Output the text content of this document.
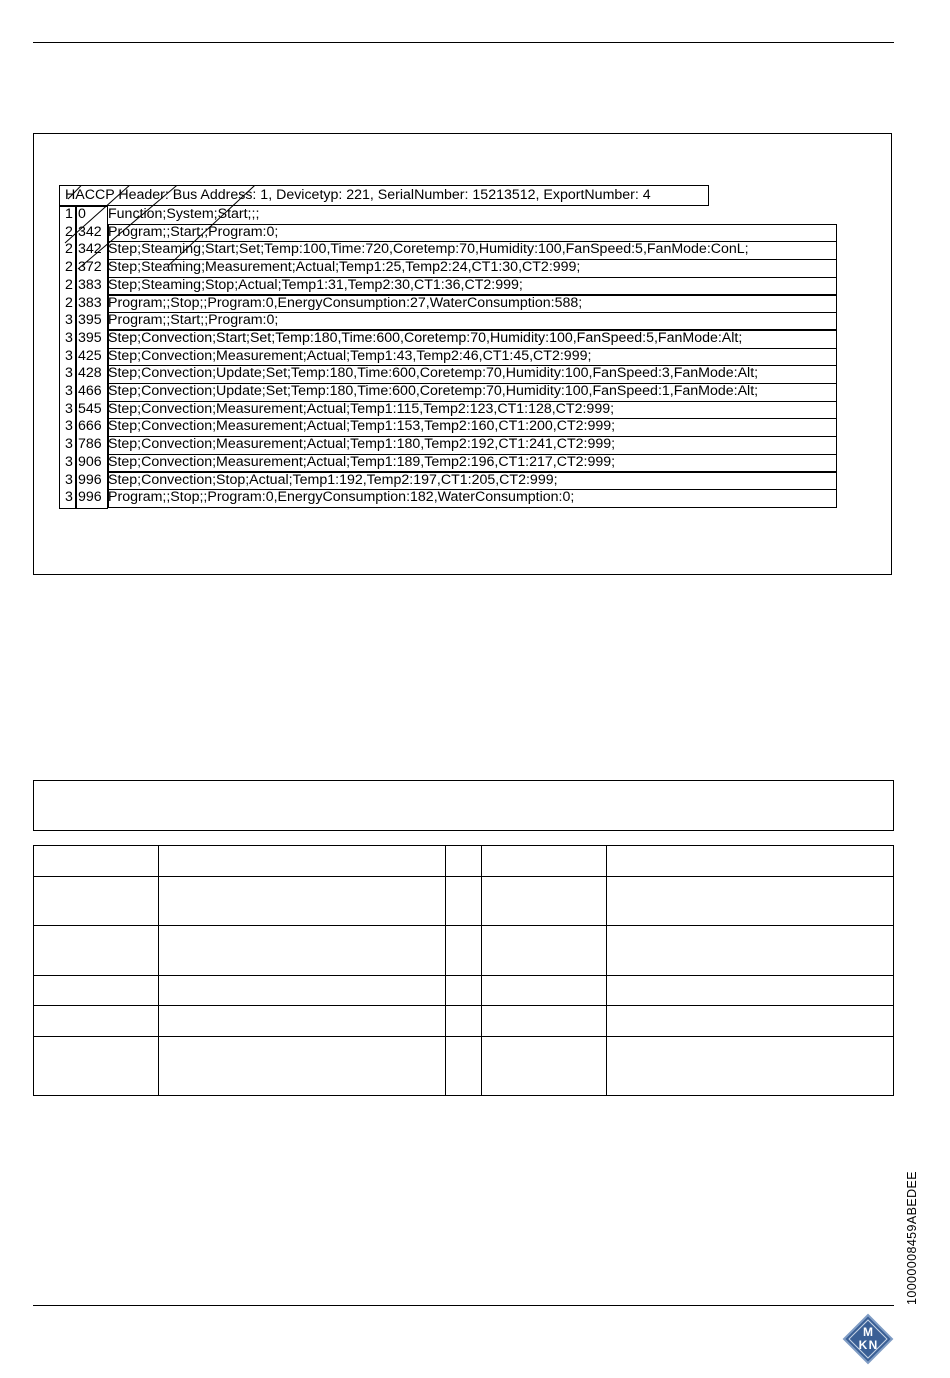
HACCP Header: Bus Address: 1, Devicetyp: 221, SerialNumber: 15213512, ExportNumber: 4
1 0 Function;System;Start;;;
2 342 Program;;Start;;Program:0;
2 342 Step;Steaming;Start;Set;Temp:100,Time:720,Coretemp:70,Humidity:100,FanSpeed:5,FanMode:ConL;
2 372 Step;Steaming;Measurement;Actual;Temp1:25,Temp2:24,CT1:30,CT2:999;
2 383 Step;Steaming;Stop;Actual;Temp1:31,Temp2:30,CT1:36,CT2:999;
2 383 Program;;Stop;;Program:0,EnergyConsumption:27,WaterConsumption:588;
3 395 Program;;Start;;Program:0;
3 395 Step;Convection;Start;Set;Temp:180,Time:600,Coretemp:70,Humidity:100,FanSpeed:5,FanMode:Alt;
3 425 Step;Convection;Measurement;Actual;Temp1:43,Temp2:46,CT1:45,CT2:999;
3 428 Step;Convection;Update;Set;Temp:180,Time:600,Coretemp:70,Humidity:100,FanSpeed:3,FanMode:Alt;
3 466 Step;Convection;Update;Set;Temp:180,Time:600,Coretemp:70,Humidity:100,FanSpeed:1,FanMode:Alt;
3 545 Step;Convection;Measurement;Actual;Temp1:115,Temp2:123,CT1:128,CT2:999;
3 666 Step;Convection;Measurement;Actual;Temp1:153,Temp2:160,CT1:200,CT2:999;
3 786 Step;Convection;Measurement;Actual;Temp1:180,Temp2:192,CT1:241,CT2:999;
3 906 Step;Convection;Measurement;Actual;Temp1:189,Temp2:196,CT1:217,CT2:999;
3 996 Step;Convection;Stop;Actual;Temp1:192,Temp2:197,CT1:205,CT2:999;
3 996 Program;;Stop;;Program:0,EnergyConsumption:182,WaterConsumption:0;

10000008459ABEDEE
M
K N
